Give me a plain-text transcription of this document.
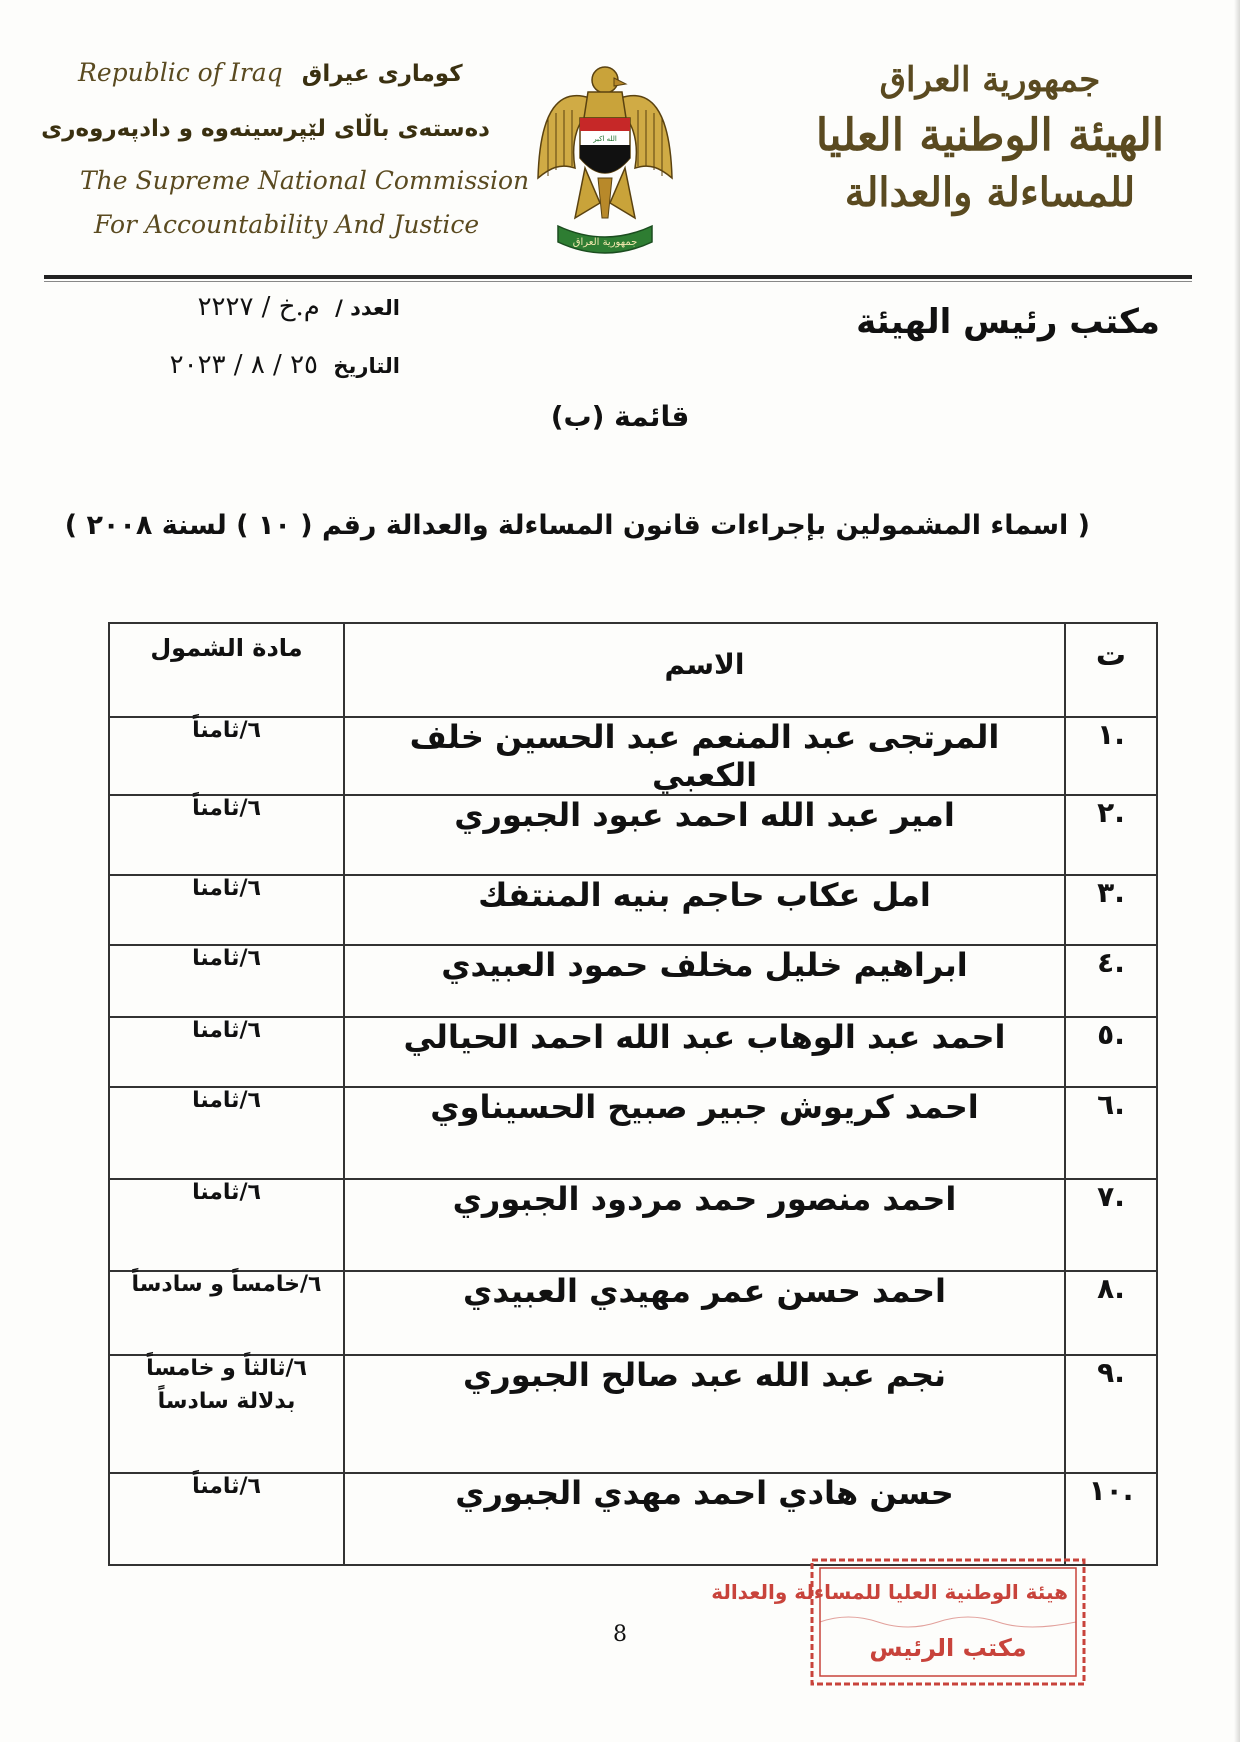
Republic of Iraq کوماری عیراق
دەستەی باڵای لێپرسینەوە و دادپەروەری
The Supreme National Commission
For Accountability And Justice
الله اكبر
جمهورية العراق
جمهورية العراق
الهيئة الوطنية العليا
للمساءلة والعدالة
مكتب رئيس الهيئة
العدد / م.خ / ٢٢٢٧
التاريخ ٢٥ / ٨ / ٢٠٢٣
قائمة (ب)
( اسماء المشمولين بإجراءات قانون المساءلة والعدالة رقم ( ١٠ ) لسنة ٢٠٠٨ )
ت	الاسم	مادة الشمول
.١	المرتجى عبد المنعم عبد الحسين خلف الكعبي	٦/ثامناً
.٢	امير عبد الله احمد عبود الجبوري	٦/ثامناً
.٣	امل عكاب حاجم بنيه المنتفك	٦/ثامنا
.٤	ابراهيم خليل مخلف حمود العبيدي	٦/ثامنا
.٥	احمد عبد الوهاب عبد الله احمد الحيالي	٦/ثامنا
.٦	احمد كريوش جبير صبيح الحسيناوي	٦/ثامنا
.٧	احمد منصور حمد مردود الجبوري	٦/ثامنا
.٨	احمد حسن عمر مهيدي العبيدي	٦/خامساً و سادساً
.٩	نجم عبد الله عبد صالح الجبوري	٦/ثالثاً و خامساً
بدلالة سادساً

.١٠	حسن هادي احمد مهدي الجبوري	٦/ثامناً
8
هيئة الوطنية العليا للمساءلة والعدالة
مكتب الرئيس
